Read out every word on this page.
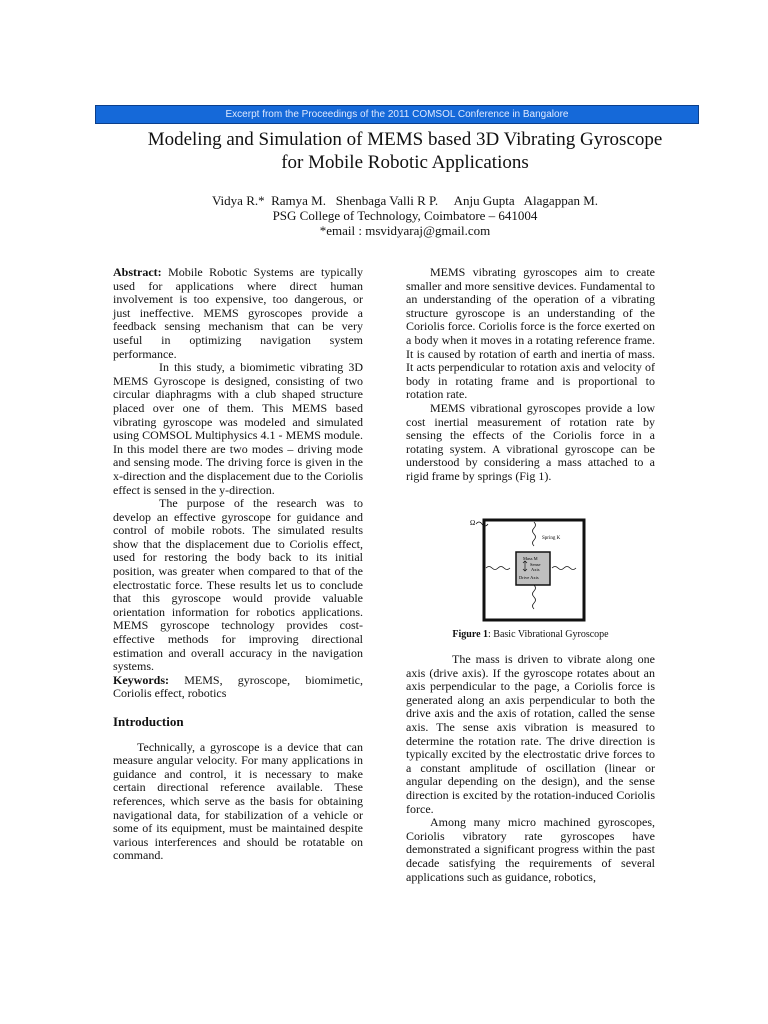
Excerpt from the Proceedings of the 2011 COMSOL Conference in Bangalore
Modeling and Simulation of MEMS based 3D Vibrating Gyroscope
for Mobile Robotic Applications
Vidya R.*  Ramya M.   Shenbaga Valli R P.     Anju Gupta   Alagappan M.
PSG College of Technology, Coimbatore – 641004
*email : msvidyaraj@gmail.com

Abstract: Mobile Robotic Systems are typically used for applications where direct human involvement is too expensive, too dangerous, or just ineffective. MEMS gyroscopes provide a feedback sensing mechanism that can be very useful in optimizing navigation system performance.

In this study, a biomimetic vibrating 3D MEMS Gyroscope is designed, consisting of two circular diaphragms with a club shaped structure placed over one of them. This MEMS based vibrating gyroscope was modeled and simulated using COMSOL Multiphysics 4.1 - MEMS module. In this model there are two modes – driving mode and sensing mode. The driving force is given in the x-direction and the displacement due to the Coriolis effect is sensed in the y-direction.

The purpose of the research was to develop an effective gyroscope for guidance and control of mobile robots. The simulated results show that the displacement due to Coriolis effect, used for restoring the body back to its initial position, was greater when compared to that of the electrostatic force. These results let us to conclude that this gyroscope would provide valuable orientation information for robotics applications. MEMS gyroscope technology provides cost-effective methods for improving directional estimation and overall accuracy in the navigation systems.

Keywords: MEMS, gyroscope, biomimetic, Coriolis effect, robotics

Introduction

Technically, a gyroscope is a device that can measure angular velocity. For many applications in guidance and control, it is necessary to make certain directional reference available. These references, which serve as the basis for obtaining navigational data, for stabilization of a vehicle or some of its equipment, must be maintained despite various interferences and should be rotatable on command.

MEMS vibrating gyroscopes aim to create smaller and more sensitive devices. Fundamental to an understanding of the operation of a vibrating structure gyroscope is an understanding of the Coriolis force. Coriolis force is the force exerted on a body when it moves in a rotating reference frame. It is caused by rotation of earth and inertia of mass. It acts perpendicular to rotation axis and velocity of body in rotating frame and is proportional to rotation rate.

MEMS vibrational gyroscopes provide a low cost inertial measurement of rotation rate by sensing the effects of the Coriolis force in a rotating system. A vibrational gyroscope can be understood by considering a mass attached to a rigid frame by springs (Fig 1).

Ω
Spring K
Mass M
Sense
Axis
Drive Axis
Figure 1: Basic Vibrational Gyroscope

The mass is driven to vibrate along one axis (drive axis). If the gyroscope rotates about an axis perpendicular to the page, a Coriolis force is generated along an axis perpendicular to both the drive axis and the axis of rotation, called the sense axis. The sense axis vibration is measured to determine the rotation rate. The drive direction is typically excited by the electrostatic drive forces to a constant amplitude of oscillation (linear or angular depending on the design), and the sense direction is excited by the rotation-induced Coriolis force.

Among many micro machined gyroscopes, Coriolis vibratory rate gyroscopes have demonstrated a significant progress within the past decade satisfying the requirements of several applications such as guidance, robotics,
